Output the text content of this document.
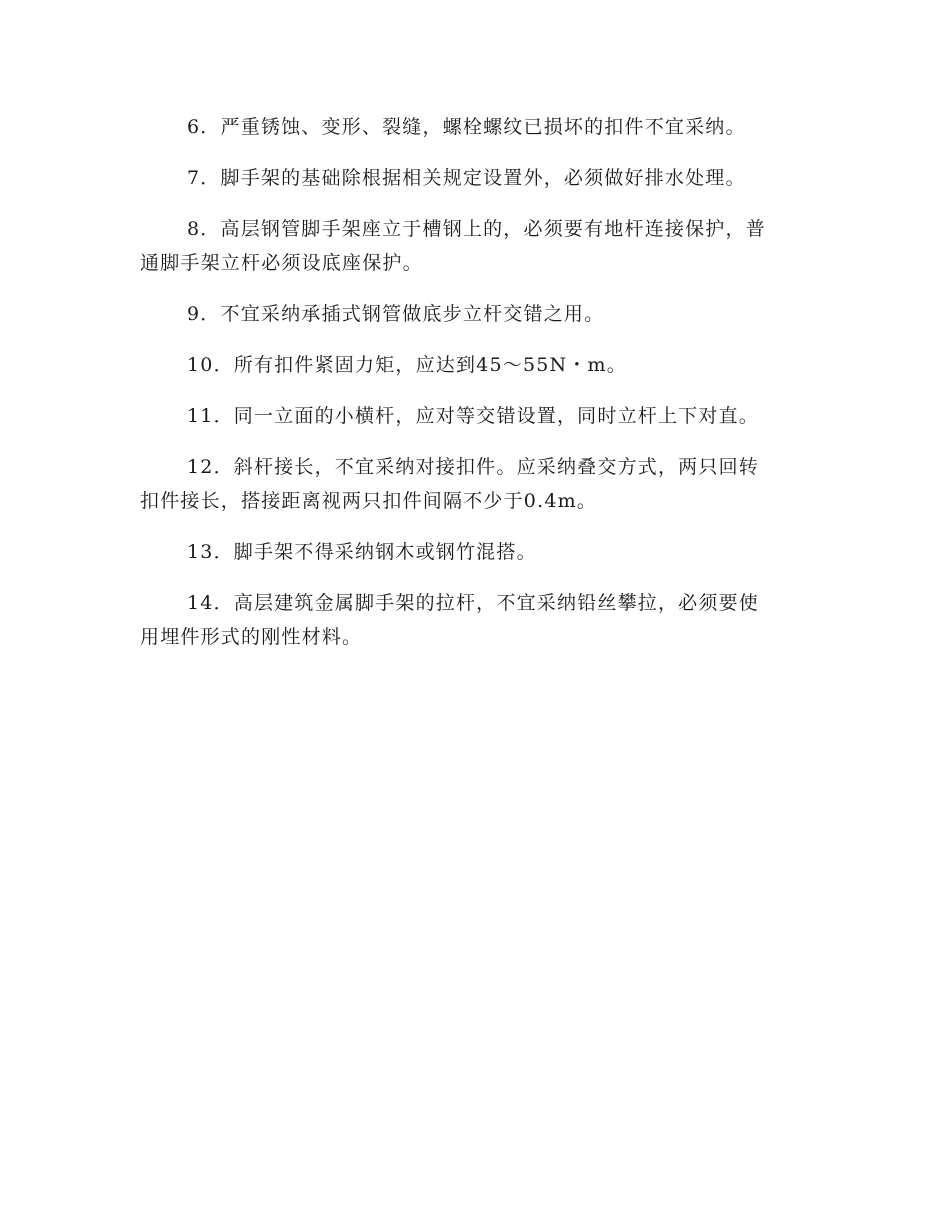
6．严重锈蚀、变形、裂缝，螺栓螺纹已损坏的扣件不宜采纳。

7．脚手架的基础除根据相关规定设置外，必须做好排水处理。

8．高层钢管脚手架座立于槽钢上的，必须要有地杆连接保护，普
通脚手架立杆必须设底座保护。

9．不宜采纳承插式钢管做底步立杆交错之用。

10．所有扣件紧固力矩，应达到45～55N・m。

11．同一立面的小横杆，应对等交错设置，同时立杆上下对直。

12．斜杆接长，不宜采纳对接扣件。应采纳叠交方式，两只回转
扣件接长，搭接距离视两只扣件间隔不少于0.4m。

13．脚手架不得采纳钢木或钢竹混搭。

14．高层建筑金属脚手架的拉杆，不宜采纳铅丝攀拉，必须要使
用埋件形式的刚性材料。
